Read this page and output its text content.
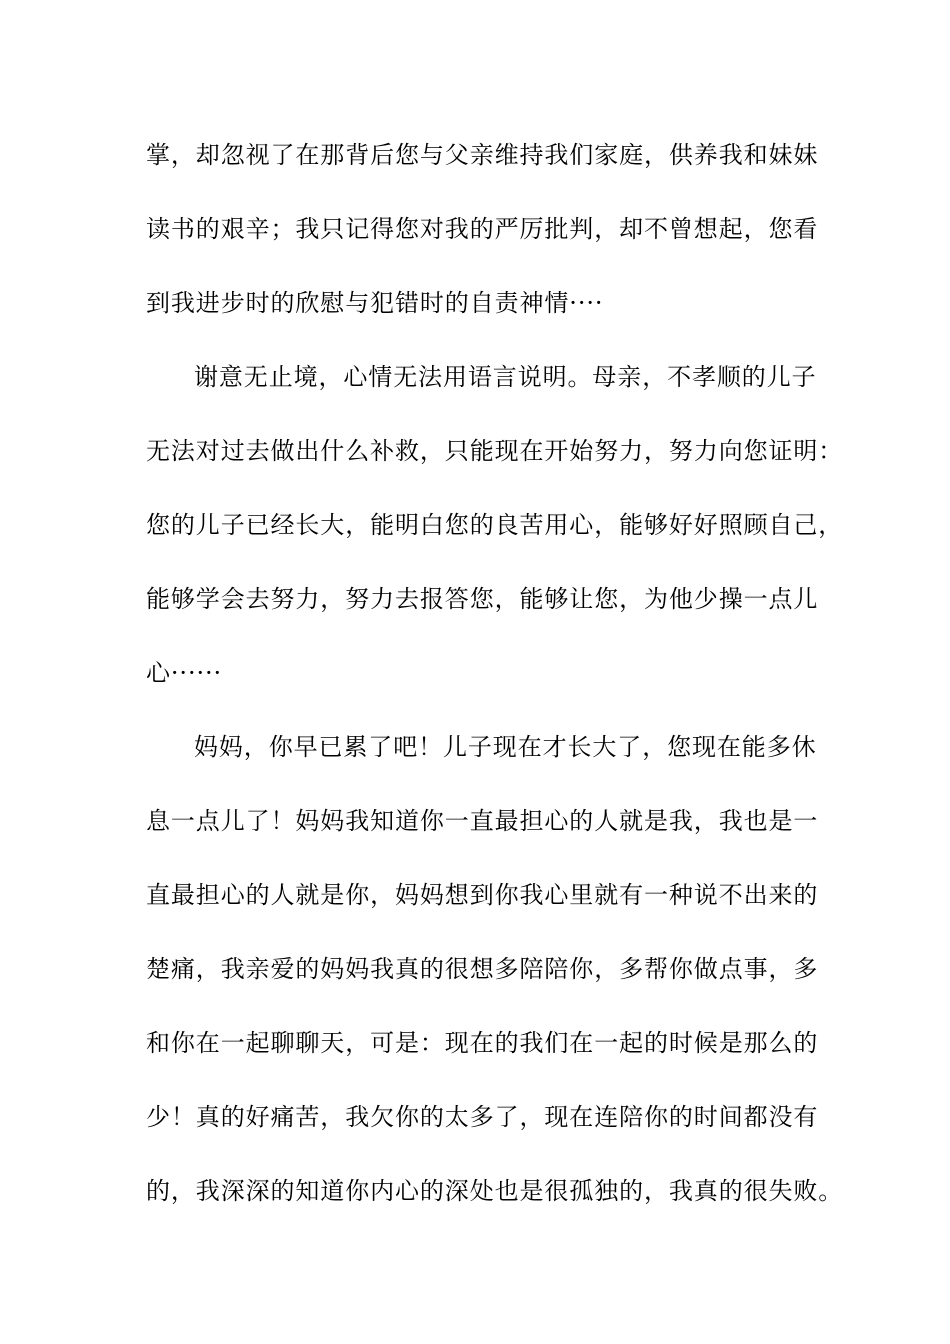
掌，却忽视了在那背后您与父亲维持我们家庭，供养我和妹妹
读书的艰辛；我只记得您对我的严厉批判，却不曾想起，您看
到我进步时的欣慰与犯错时的自责神情····
谢意无止境，心情无法用语言说明。母亲，不孝顺的儿子
无法对过去做出什么补救，只能现在开始努力，努力向您证明：
您的儿子已经长大，能明白您的良苦用心，能够好好照顾自己，
能够学会去努力，努力去报答您，能够让您，为他少操一点儿
心······
妈妈，你早已累了吧！儿子现在才长大了，您现在能多休
息一点儿了！妈妈我知道你一直最担心的人就是我，我也是一
直最担心的人就是你，妈妈想到你我心里就有一种说不出来的
楚痛，我亲爱的妈妈我真的很想多陪陪你，多帮你做点事，多
和你在一起聊聊天，可是：现在的我们在一起的时候是那么的
少！真的好痛苦，我欠你的太多了，现在连陪你的时间都没有
的，我深深的知道你内心的深处也是很孤独的，我真的很失败。
